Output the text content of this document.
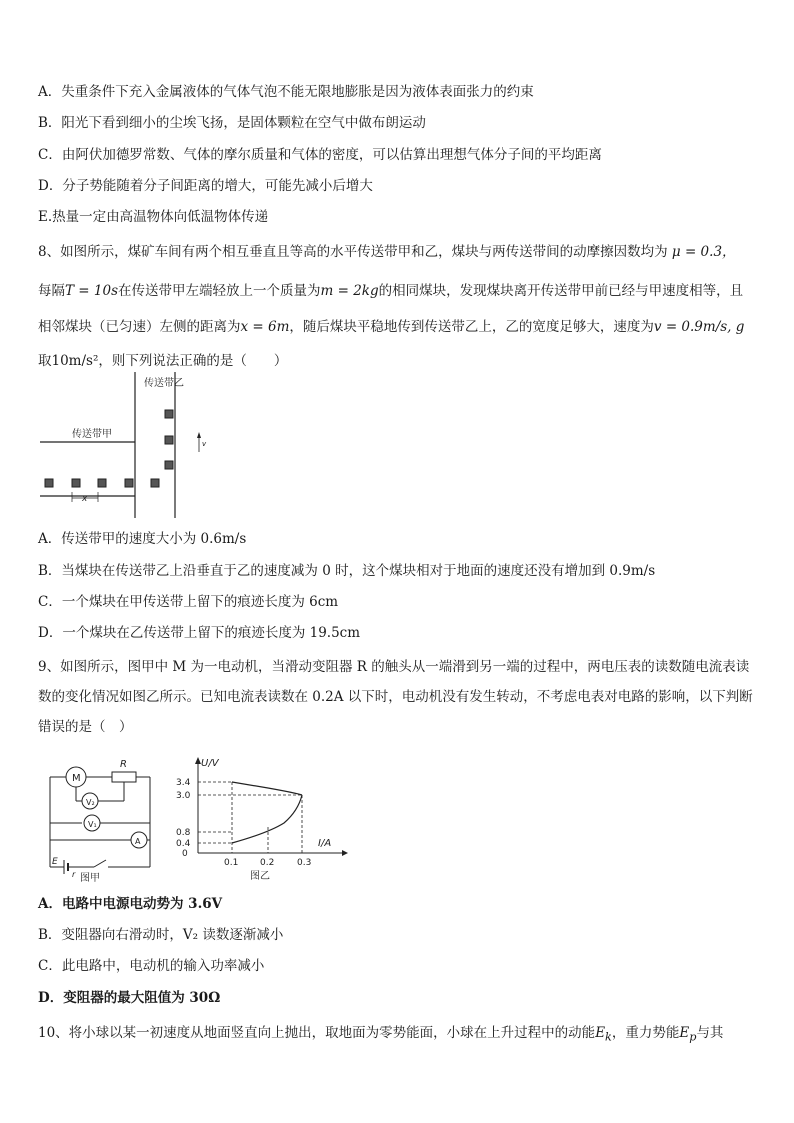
A．失重条件下充入金属液体的气体气泡不能无限地膨胀是因为液体表面张力的约束
B．阳光下看到细小的尘埃飞扬，是固体颗粒在空气中做布朗运动
C．由阿伏加德罗常数、气体的摩尔质量和气体的密度，可以估算出理想气体分子间的平均距离
D．分子势能随着分子间距离的增大，可能先减小后增大
E.热量一定由高温物体向低温物体传递
8、如图所示，煤矿车间有两个相互垂直且等高的水平传送带甲和乙，煤块与两传送带间的动摩擦因数均为 μ = 0.3，
每隔T = 10s在传送带甲左端轻放上一个质量为m = 2kg的相同煤块，发现煤块离开传送带甲前已经与甲速度相等，且
相邻煤块（已匀速）左侧的距离为x = 6m，随后煤块平稳地传到传送带乙上，乙的宽度足够大，速度为v = 0.9m/s, g
取10m/s²，则下列说法正确的是（　　）
传送带乙
v
传送带甲
x
A．传送带甲的速度大小为 0.6m/s
B．当煤块在传送带乙上沿垂直于乙的速度减为 0 时，这个煤块相对于地面的速度还没有增加到 0.9m/s
C．一个煤块在甲传送带上留下的痕迹长度为 6cm
D．一个煤块在乙传送带上留下的痕迹长度为 19.5cm
9、如图所示，图甲中 M 为一电动机，当滑动变阻器 R 的触头从一端滑到另一端的过程中，两电压表的读数随电流表读数的变化情况如图乙所示。已知电流表读数在 0.2A 以下时，电动机没有发生转动，不考虑电表对电路的影响，以下判断错误的是（　）
M
R
V₂
V₁
A
E
r 图甲
U/V
I/A
3.4
3.0
0.8
0.4
0
0.1 0.2	0.3
图乙
A．电路中电源电动势为 3.6V
B．变阻器向右滑动时，V₂ 读数逐渐减小
C．此电路中，电动机的输入功率减小
D．变阻器的最大阻值为 30Ω
10、将小球以某一初速度从地面竖直向上抛出，取地面为零势能面，小球在上升过程中的动能$E_k$，重力势能$E_p$与其
